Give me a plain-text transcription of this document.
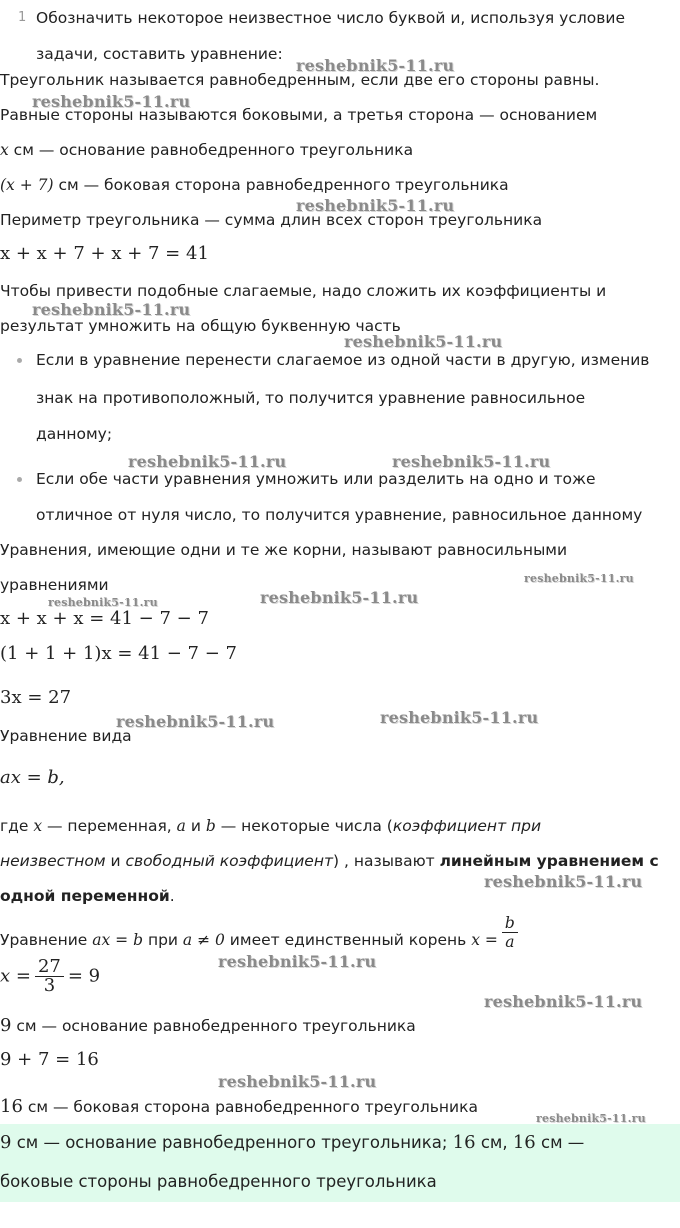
1 Обозначить некоторое неизвестное число буквой и, используя условие
задачи, составить уравнение:
Треугольник называется равнобедренным, если две его стороны равны.
Равные стороны называются боковыми, а третья сторона — основанием
x см — основание равнобедренного треугольника
(x + 7) см — боковая сторона равнобедренного треугольника
Периметр треугольника — сумма длин всех сторон треугольника
x + x + 7 + x + 7 = 41
Чтобы привести подобные слагаемые, надо сложить их коэффициенты и
результат умножить на общую буквенную часть
Если в уравнение перенести слагаемое из одной части в другую, изменив
знак на противоположный, то получится уравнение равносильное
данному;
Если обе части уравнения умножить или разделить на одно и тоже
отличное от нуля число, то получится уравнение, равносильное данному
Уравнения, имеющие одни и те же корни, называют равносильными
уравнениями
x + x + x = 41 − 7 − 7
(1 + 1 + 1)x = 41 − 7 − 7
3x = 27
Уравнение вида
ax = b,
где x — переменная, a и b — некоторые числа (коэффициент при
неизвестном и свободный коэффициент) , называют линейным уравнением с
одной переменной.
Уравнение ax = b при a ≠ 0 имеет единственный корень $x = \frac{b}{a}$
$x = \frac{27}{3} = 9$
9 см — основание равнобедренного треугольника
9 + 7 = 16
16 см — боковая сторона равнобедренного треугольника
9 см — основание равнобедренного треугольника; 16 см, 16 см —
боковые стороны равнобедренного треугольника
reshebnik5-11.ru
reshebnik5-11.ru
reshebnik5-11.ru
reshebnik5-11.ru
reshebnik5-11.ru
reshebnik5-11.ru	reshebnik5-11.ru
reshebnik5-11.ru
reshebnik5-11.ru	reshebnik5-11.ru
reshebnik5-11.ru	reshebnik5-11.ru
reshebnik5-11.ru
reshebnik5-11.ru
reshebnik5-11.ru
reshebnik5-11.ru
reshebnik5-11.ru
